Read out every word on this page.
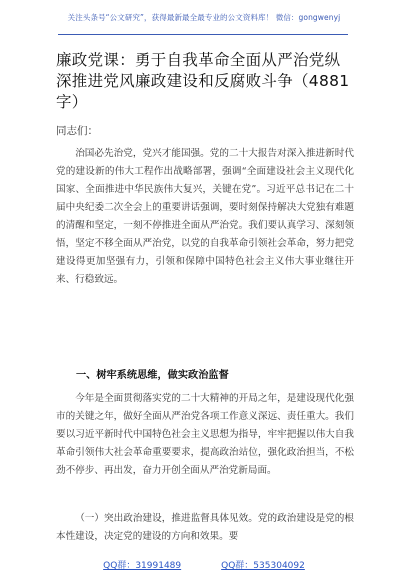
关注头条号“公文研究”，获得最新最全最专业的公文资料库！ 微信：gongwenyj
廉政党课：勇于自我革命全面从严治党纵深推进党风廉政建设和反腐败斗争（4881字）
同志们：
治国必先治党，党兴才能国强。党的二十大报告对深入推进新时代党的建设新的伟大工程作出战略部署，强调“全面建设社会主义现代化国家、全面推进中华民族伟大复兴，关键在党”。习近平总书记在二十届中央纪委二次全会上的重要讲话强调，要时刻保持解决大党独有难题的清醒和坚定，一刻不停推进全面从严治党。我们要认真学习、深刻领悟，坚定不移全面从严治党，以党的自我革命引领社会革命，努力把党建设得更加坚强有力，引领和保障中国特色社会主义伟大事业继往开来、行稳致远。
一、树牢系统思维，做实政治监督
今年是全面贯彻落实党的二十大精神的开局之年，是建设现代化强市的关键之年，做好全面从严治党各项工作意义深远、责任重大。我们要以习近平新时代中国特色社会主义思想为指导，牢牢把握以伟大自我革命引领伟大社会革命重要要求，提高政治站位，强化政治担当，不松劲不停步、再出发，奋力开创全面从严治党新局面。
（一）突出政治建设，推进监督具体见效。党的政治建设是党的根本性建设，决定党的建设的方向和效果。要
QQ群：31991489	QQ群：535304092
